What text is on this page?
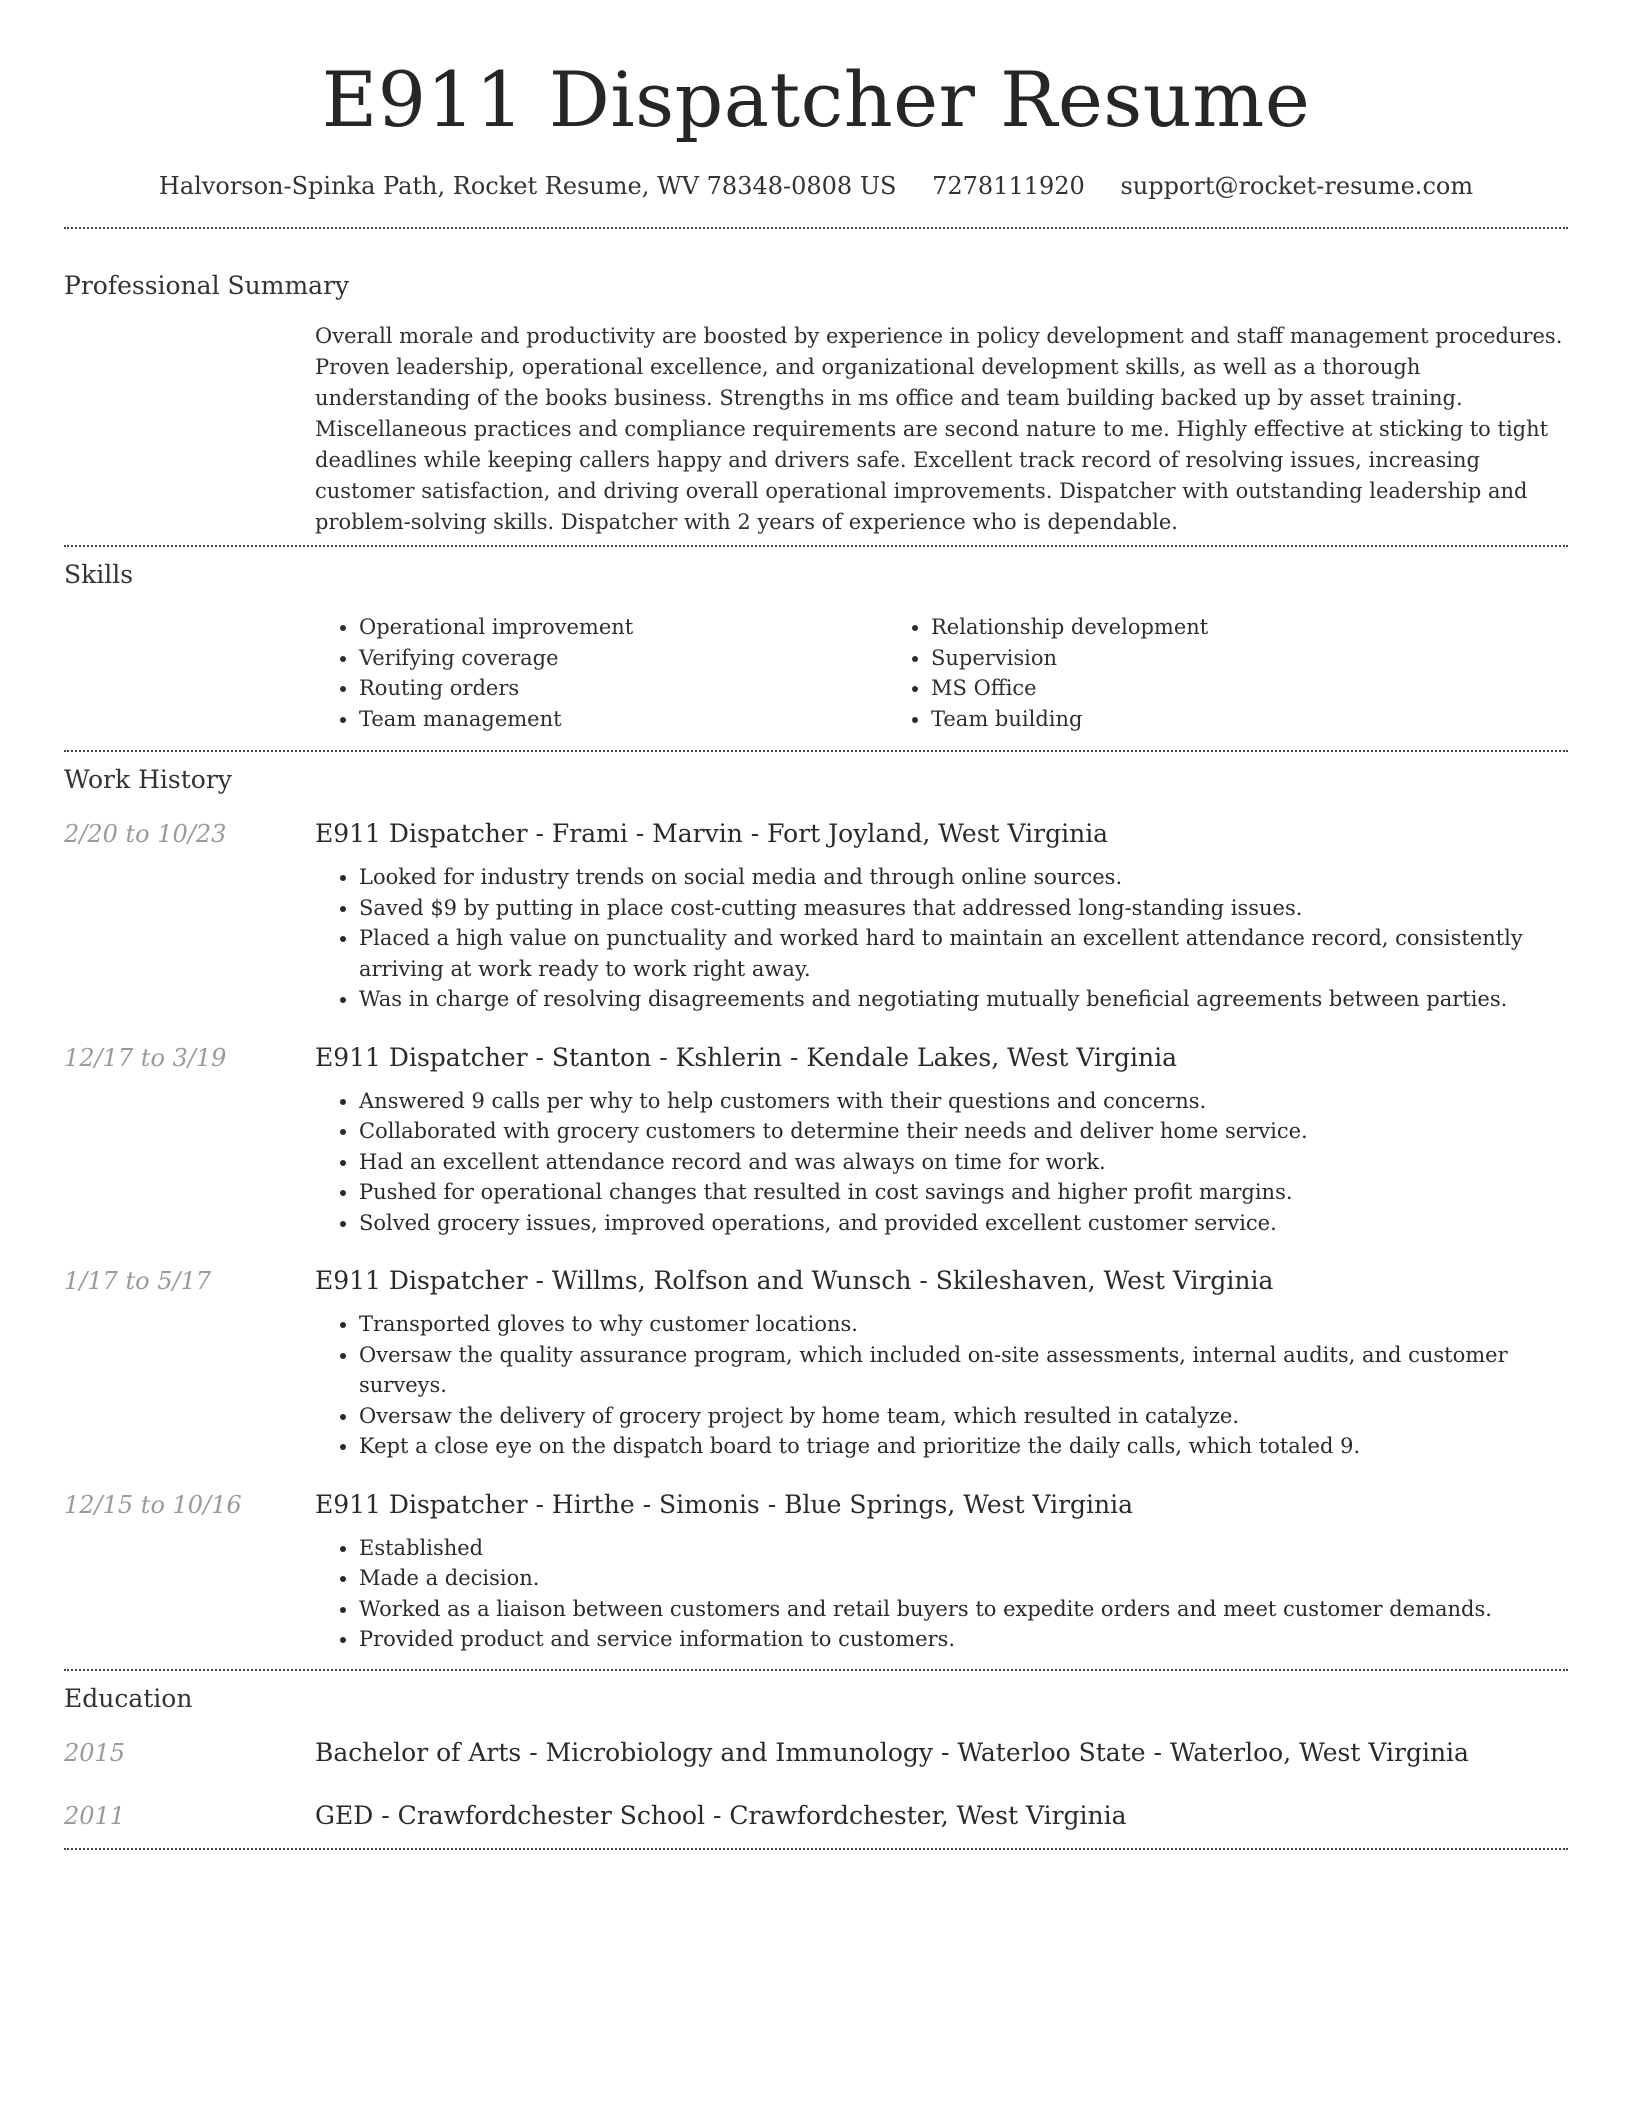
E911 Dispatcher Resume
Halvorson-Spinka Path, Rocket Resume, WV 78348-0808 US 7278111920 support@rocket-resume.com
Professional Summary

Overall morale and productivity are boosted by experience in policy development and staff management procedures. Proven leadership, operational excellence, and organizational development skills, as well as a thorough understanding of the books business. Strengths in ms office and team building backed up by asset training. Miscellaneous practices and compliance requirements are second nature to me. Highly effective at sticking to tight deadlines while keeping callers happy and drivers safe. Excellent track record of resolving issues, increasing customer satisfaction, and driving overall operational improvements. Dispatcher with outstanding leadership and problem-solving skills. Dispatcher with 2 years of experience who is dependable.

Skills
• Operational improvement
• Verifying coverage
• Routing orders
• Team management
• Relationship development
• Supervision
• MS Office
• Team building
Work History
2/20 to 10/23	E911 Dispatcher - Frami - Marvin - Fort Joyland, West Virginia
• Looked for industry trends on social media and through online sources.
• Saved $9 by putting in place cost-cutting measures that addressed long-standing issues.
• Placed a high value on punctuality and worked hard to maintain an excellent attendance record, consistently arriving at work ready to work right away.
• Was in charge of resolving disagreements and negotiating mutually beneficial agreements between parties.
12/17 to 3/19	E911 Dispatcher - Stanton - Kshlerin - Kendale Lakes, West Virginia
• Answered 9 calls per why to help customers with their questions and concerns.
• Collaborated with grocery customers to determine their needs and deliver home service.
• Had an excellent attendance record and was always on time for work.
• Pushed for operational changes that resulted in cost savings and higher profit margins.
• Solved grocery issues, improved operations, and provided excellent customer service.
1/17 to 5/17	E911 Dispatcher - Willms, Rolfson and Wunsch - Skileshaven, West Virginia
• Transported gloves to why customer locations.
• Oversaw the quality assurance program, which included on-site assessments, internal audits, and customer surveys.
• Oversaw the delivery of grocery project by home team, which resulted in catalyze.
• Kept a close eye on the dispatch board to triage and prioritize the daily calls, which totaled 9.
12/15 to 10/16	E911 Dispatcher - Hirthe - Simonis - Blue Springs, West Virginia
• Established
• Made a decision.
• Worked as a liaison between customers and retail buyers to expedite orders and meet customer demands.
• Provided product and service information to customers.
Education
2015	Bachelor of Arts - Microbiology and Immunology - Waterloo State - Waterloo, West Virginia
2011	GED - Crawfordchester School - Crawfordchester, West Virginia
